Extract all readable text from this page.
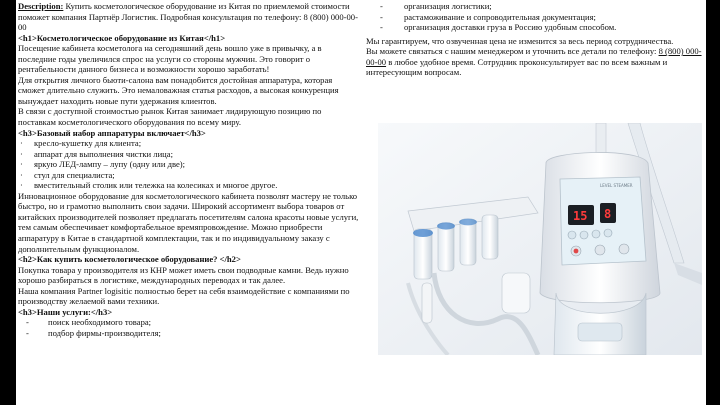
Description: Купить косметологическое оборудование из Китая по приемлемой стоимости поможет компания Партнёр Логистик. Подробная консультация по телефону: 8 (800) 000-00-00
<h1>Косметологическое оборудование из Китая</h1>
Посещение кабинета косметолога на сегодняшний день вошло уже в привычку, а в последние годы увеличился спрос на услуги со стороны мужчин. Это говорит о рентабельности данного бизнеса и возможности хорошо заработать!
Для открытия личного бьюти-салона вам понадобится достойная аппаратура, которая сможет длительно служить. Это немаловажная статья расходов, а высокая конкуренция вынуждает находить новые пути удержания клиентов.
В связи с доступной стоимостью рынок Китая занимает лидирующую позицию по поставкам косметологического оборудования по всему миру.
<h3>Базовый набор аппаратуры включает</h3>
· кресло-кушетку для клиента;
· аппарат для выполнения чистки лица;
· яркую ЛЕД-лампу – лупу (одну или две);
· стул для специалиста;
· вместительный столик или тележка на колесиках и многое другое.
Инновационное оборудование для косметологического кабинета позволят мастеру не только быстро, но и грамотно выполнить свои задачи. Широкий ассортимент выбора товаров от китайских производителей позволяет предлагать посетителям салона красоты новые услуги, тем самым обеспечивает комфортабельное времяпровождение. Можно приобрести аппаратуру в Китае в стандартной комплектации, так и по индивидуальному заказу с дополнительным функционалом.
<h2>Как купить косметологическое оборудование? </h2>
Покупка товара у производителя из КНР может иметь свои подводные камни. Ведь нужно хорошо разбираться в логистике, международных переводах и так далее.
Наша компания Partner logisitic полностью берет на себя взаимодействие с компаниями по производству желаемой вами техники.
<h3>Наши услуги:</h3>
- поиск необходимого товара;
- подбор фирмы-производителя;
- организация логистики;
- растаможивание и сопроводительная документация;
- организация доставки груза в Россию удобным способом.
Мы гарантируем, что озвученная цена не изменится за весь период сотрудничества.
Вы можете связаться с нашим менеджером и уточнить все детали по телефону: 8 (800) 000-00-00 в любое удобное время. Сотрудник проконсультирует вас по всем важным и интересующим вопросам.
LEVEL STEAMER
15 8
